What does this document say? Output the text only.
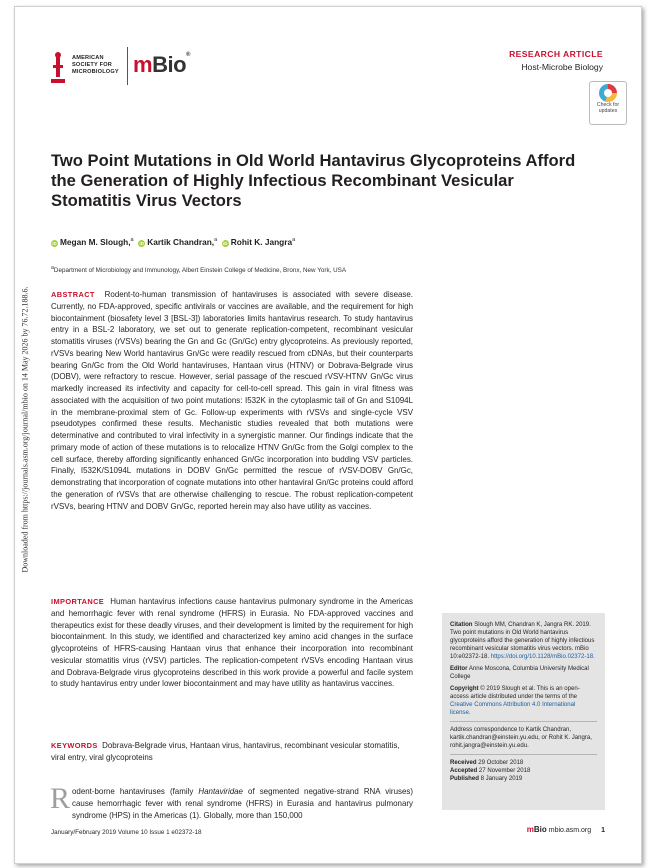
Downloaded from https://journals.asm.org/journal/mbio on 14 May 2026 by 76.72.188.6.
AMERICAN
SOCIETY FOR
MICROBIOLOGY mBio®	RESEARCH ARTICLE
Host-Microbe Biology
Check for
updates
Two Point Mutations in Old World Hantavirus Glycoproteins Afford the Generation of Highly Infectious Recombinant Vesicular Stomatitis Virus Vectors
iD Megan M. Slough,$^a$  iD Kartik Chandran,$^a$  iD Rohit K. Jangra$^a$
$^a$Department of Microbiology and Immunology, Albert Einstein College of Medicine, Bronx, New York, USA
ABSTRACT Rodent-to-human transmission of hantaviruses is associated with severe disease. Currently, no FDA-approved, specific antivirals or vaccines are available, and the requirement for high biocontainment (biosafety level 3 [BSL-3]) laboratories limits hantavirus research. To study hantavirus entry in a BSL-2 laboratory, we set out to generate replication-competent, recombinant vesicular stomatitis viruses (rVSVs) bearing the Gn and Gc (Gn/Gc) entry glycoproteins. As previously reported, rVSVs bearing New World hantavirus Gn/Gc were readily rescued from cDNAs, but their counterparts bearing Gn/Gc from the Old World hantaviruses, Hantaan virus (HTNV) or Dobrava-Belgrade virus (DOBV), were refractory to rescue. However, serial passage of the rescued rVSV-HTNV Gn/Gc virus markedly increased its infectivity and capacity for cell-to-cell spread. This gain in viral fitness was associated with the acquisition of two point mutations: I532K in the cytoplasmic tail of Gn and S1094L in the membrane-proximal stem of Gc. Follow-up experiments with rVSVs and single-cycle VSV pseudotypes confirmed these results. Mechanistic studies revealed that both mutations were determinative and contributed to viral infectivity in a synergistic manner. Our findings indicate that the primary mode of action of these mutations is to relocalize HTNV Gn/Gc from the Golgi complex to the cell surface, thereby affording significantly enhanced Gn/Gc incorporation into budding VSV particles. Finally, I532K/S1094L mutations in DOBV Gn/Gc permitted the rescue of rVSV-DOBV Gn/Gc, demonstrating that incorporation of cognate mutations into other hantaviral Gn/Gc proteins could afford the generation of rVSVs that are otherwise challenging to rescue. The robust replication-competent rVSVs, bearing HTNV and DOBV Gn/Gc, reported herein may also have utility as vaccines.
IMPORTANCE Human hantavirus infections cause hantavirus pulmonary syndrome in the Americas and hemorrhagic fever with renal syndrome (HFRS) in Eurasia. No FDA-approved vaccines and therapeutics exist for these deadly viruses, and their development is limited by the requirement for high biocontainment. In this study, we identified and characterized key amino acid changes in the surface glycoproteins of HFRS-causing Hantaan virus that enhance their incorporation into recombinant vesicular stomatitis virus (rVSV) particles. The replication-competent rVSVs encoding Hantaan virus and Dobrava-Belgrade virus glycoproteins described in this work provide a powerful and facile system to study hantavirus entry under lower biocontainment and may have utility as hantavirus vaccines.
KEYWORDS Dobrava-Belgrade virus, Hantaan virus, hantavirus, recombinant vesicular stomatitis, viral entry, viral glycoproteins
Rodent-borne hantaviruses (family Hantaviridae of segmented negative-strand RNA viruses) cause hemorrhagic fever with renal syndrome (HFRS) in Eurasia and hantavirus pulmonary syndrome (HPS) in the Americas (1). Globally, more than 150,000

Citation Slough MM, Chandran K, Jangra RK. 2019. Two point mutations in Old World hantavirus glycoproteins afford the generation of highly infectious recombinant vesicular stomatitis virus vectors. mBio 10:e02372-18. https://doi.org/10.1128/mBio.02372-18.

Editor Anne Moscona, Columbia University Medical College

Copyright © 2019 Slough et al. This is an open-access article distributed under the terms of the Creative Commons Attribution 4.0 International license.

Address correspondence to Kartik Chandran, kartik.chandran@einstein.yu.edu, or Rohit K. Jangra, rohit.jangra@einstein.yu.edu.

Received 29 October 2018

Accepted 27 November 2018

Published 8 January 2019

January/February 2019 Volume 10 Issue 1 e02372-18	mBio mbio.asm.org 1
